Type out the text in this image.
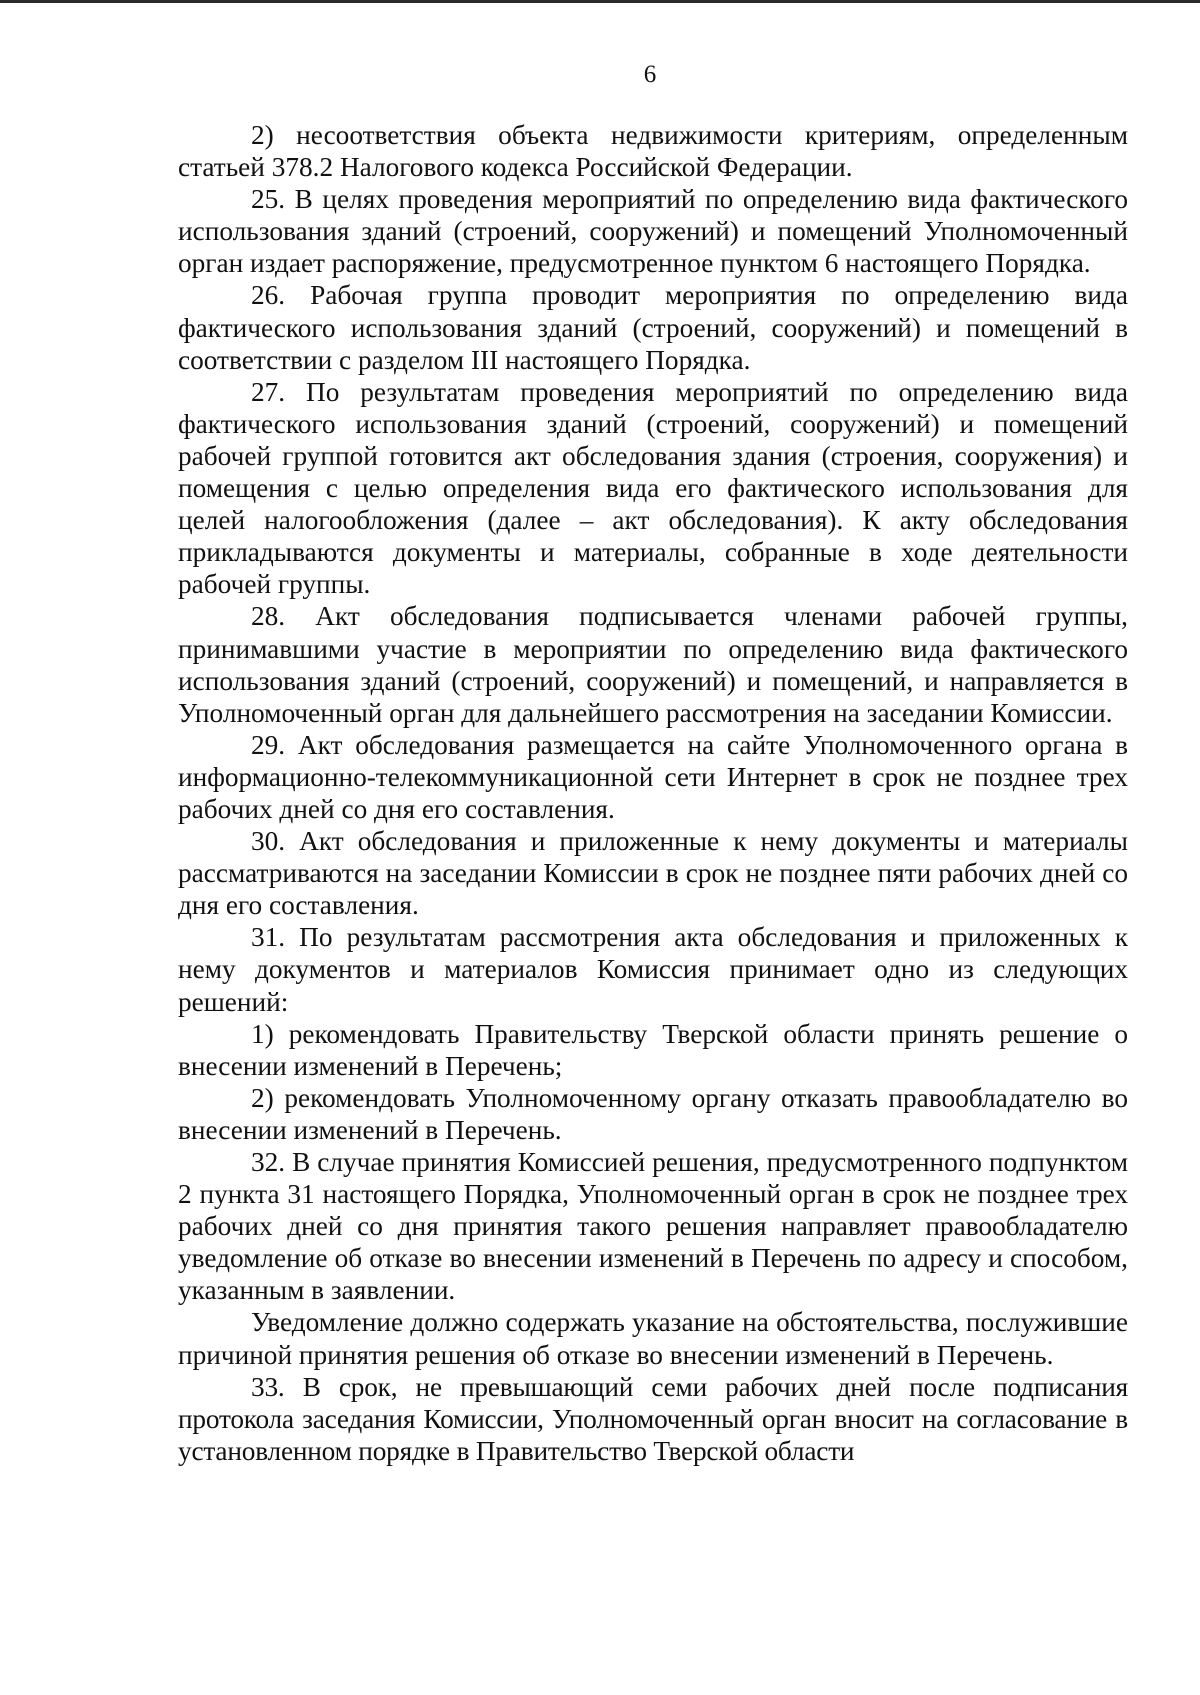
6

2) несоответствия объекта недвижимости критериям, определенным статьей 378.2 Налогового кодекса Российской Федерации.

25. В целях проведения мероприятий по определению вида фактического использования зданий (строений, сооружений) и помещений Уполномоченный орган издает распоряжение, предусмотренное пунктом 6 настоящего Порядка.

26. Рабочая группа проводит мероприятия по определению вида фактического использования зданий (строений, сооружений) и помещений в соответствии с разделом III настоящего Порядка.

27. По результатам проведения мероприятий по определению вида фактического использования зданий (строений, сооружений) и помещений рабочей группой готовится акт обследования здания (строения, сооружения) и помещения с целью определения вида его фактического использования для целей налогообложения (далее – акт обследования). К акту обследования прикладываются документы и материалы, собранные в ходе деятельности рабочей группы.

28. Акт обследования подписывается членами рабочей группы, принимавшими участие в мероприятии по определению вида фактического использования зданий (строений, сооружений) и помещений, и направляется в Уполномоченный орган для дальнейшего рассмотрения на заседании Комиссии.

29. Акт обследования размещается на сайте Уполномоченного органа в информационно-телекоммуникационной сети Интернет в срок не позднее трех рабочих дней со дня его составления.

30. Акт обследования и приложенные к нему документы и материалы рассматриваются на заседании Комиссии в срок не позднее пяти рабочих дней со дня его составления.

31. По результатам рассмотрения акта обследования и приложенных к нему документов и материалов Комиссия принимает одно из следующих решений:

1) рекомендовать Правительству Тверской области принять решение о внесении изменений в Перечень;

2) рекомендовать Уполномоченному органу отказать правообладателю во внесении изменений в Перечень.

32. В случае принятия Комиссией решения, предусмотренного подпунктом 2 пункта 31 настоящего Порядка, Уполномоченный орган в срок не позднее трех рабочих дней со дня принятия такого решения направляет правообладателю уведомление об отказе во внесении изменений в Перечень по адресу и способом, указанным в заявлении.

Уведомление должно содержать указание на обстоятельства, послужившие причиной принятия решения об отказе во внесении изменений в Перечень.

33. В срок, не превышающий семи рабочих дней после подписания протокола заседания Комиссии, Уполномоченный орган вносит на согласование в установленном порядке в Правительство Тверской области
